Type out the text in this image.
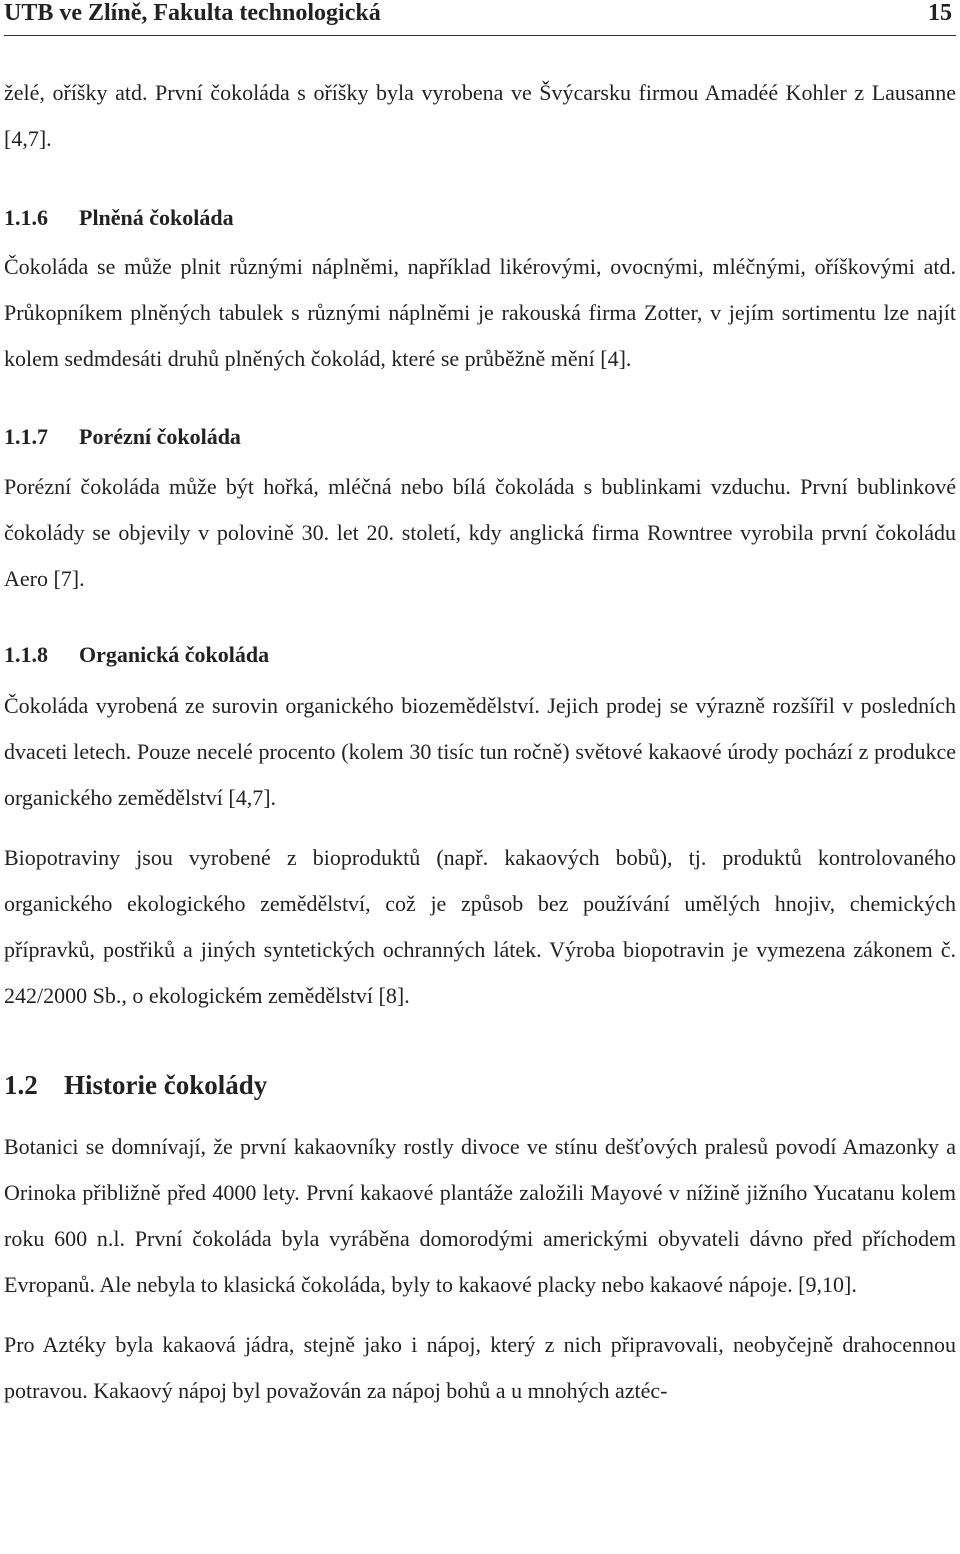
UTB ve Zlíně, Fakulta technologická	15

želé, oříšky atd. První čokoláda s oříšky byla vyrobena ve Švýcarsku firmou Amadéé Kohler z Lausanne [4,7].

1.1.6 Plněná čokoláda

Čokoláda se může plnit různými náplněmi, například likérovými, ovocnými, mléčnými, oříškovými atd. Průkopníkem plněných tabulek s různými náplněmi je rakouská firma Zotter, v jejím sortimentu lze najít kolem sedmdesáti druhů plněných čokolád, které se průběžně mění [4].

1.1.7 Porézní čokoláda

Porézní čokoláda může být hořká, mléčná nebo bílá čokoláda s bublinkami vzduchu. První bublinkové čokolády se objevily v polovině 30. let 20. století, kdy anglická firma Rowntree vyrobila první čokoládu Aero [7].

1.1.8 Organická čokoláda

Čokoláda vyrobená ze surovin organického biozemědělství. Jejich prodej se výrazně rozšířil v posledních dvaceti letech. Pouze necelé procento (kolem 30 tisíc tun ročně) světové kakaové úrody pochází z produkce organického zemědělství [4,7].

Biopotraviny jsou vyrobené z bioproduktů (např. kakaových bobů), tj. produktů kontrolovaného organického ekologického zemědělství, což je způsob bez používání umělých hnojiv, chemických přípravků, postřiků a jiných syntetických ochranných látek. Výroba biopotravin je vymezena zákonem č. 242/2000 Sb., o ekologickém zemědělství [8].

1.2 Historie čokolády

Botanici se domnívají, že první kakaovníky rostly divoce ve stínu dešťových pralesů povodí Amazonky a Orinoka přibližně před 4000 lety. První kakaové plantáže založili Mayové v nížině jižního Yucatanu kolem roku 600 n.l. První čokoláda byla vyráběna domorodými americkými obyvateli dávno před příchodem Evropanů. Ale nebyla to klasická čokoláda, byly to kakaové placky nebo kakaové nápoje. [9,10].

Pro Aztéky byla kakaová jádra, stejně jako i nápoj, který z nich připravovali, neobyčejně drahocennou potravou. Kakaový nápoj byl považován za nápoj bohů a u mnohých aztéc-
